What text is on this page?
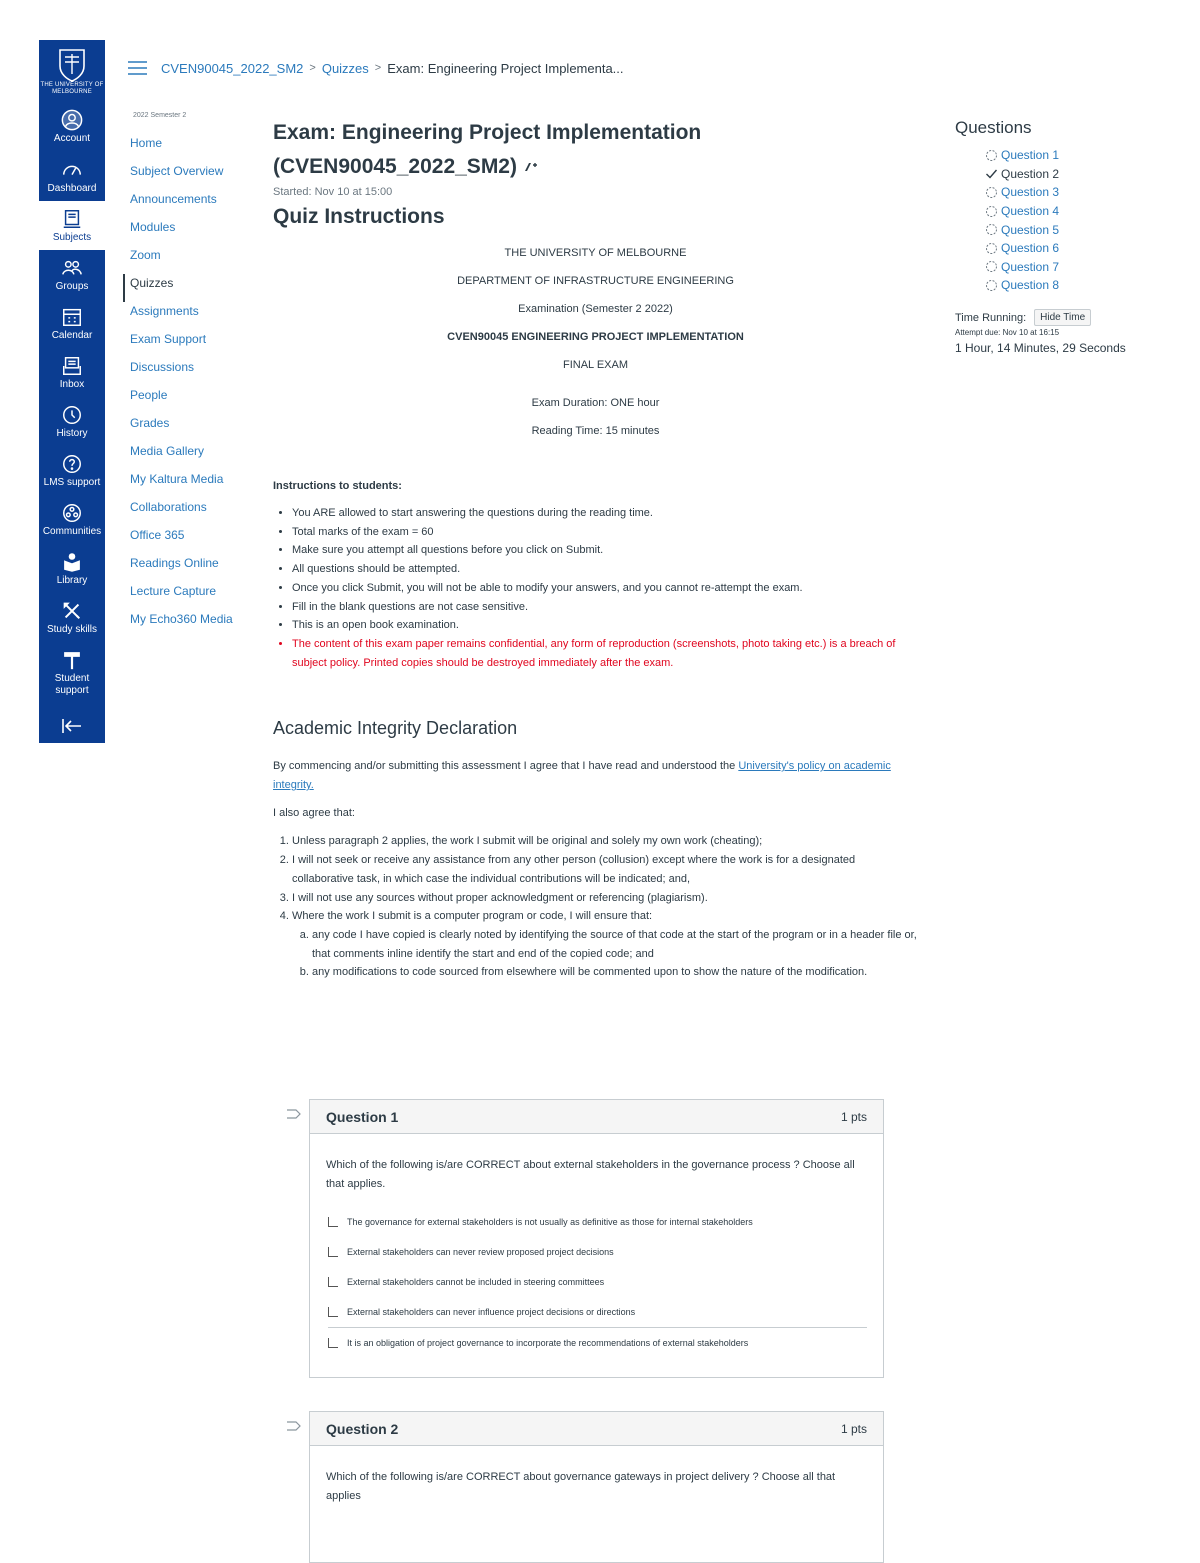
THE UNIVERSITY OF
MELBOURNE
Account
Dashboard
Subjects
Groups
Calendar
Inbox
History
LMS support
Communities
Library
Study skills
Student support
CVEN90045_2022_SM2 > Quizzes > Exam: Engineering Project Implementa...
2022 Semester 2
Home
Subject Overview
Announcements
Modules
Zoom
Quizzes
Assignments
Exam Support
Discussions
People
Grades
Media Gallery
My Kaltura Media
Collaborations
Office 365
Readings Online
Lecture Capture
My Echo360 Media
Exam: Engineering Project Implementation
(CVEN90045_2022_SM2)
Started: Nov 10 at 15:00
Quiz Instructions
THE UNIVERSITY OF MELBOURNE
DEPARTMENT OF INFRASTRUCTURE ENGINEERING
Examination (Semester 2 2022)
CVEN90045 ENGINEERING PROJECT IMPLEMENTATION
FINAL EXAM
Exam Duration: ONE hour
Reading Time: 15 minutes
Instructions to students:
• You ARE allowed to start answering the questions during the reading time.
• Total marks of the exam = 60
• Make sure you attempt all questions before you click on Submit.
• All questions should be attempted.
• Once you click Submit, you will not be able to modify your answers, and you cannot re-attempt the exam.
• Fill in the blank questions are not case sensitive.
• This is an open book examination.
• The content of this exam paper remains confidential, any form of reproduction (screenshots, photo taking etc.) is a breach of subject policy. Printed copies should be destroyed immediately after the exam.
Academic Integrity Declaration
By commencing and/or submitting this assessment I agree that I have read and understood the University's policy on academic integrity.
I also agree that:
1. Unless paragraph 2 applies, the work I submit will be original and solely my own work (cheating);
2. I will not seek or receive any assistance from any other person (collusion) except where the work is for a designated collaborative task, in which case the individual contributions will be indicated; and,
3. I will not use any sources without proper acknowledgment or referencing (plagiarism).
4. Where the work I submit is a computer program or code, I will ensure that:
a. any code I have copied is clearly noted by identifying the source of that code at the start of the program or in a header file or, that comments inline identify the start and end of the copied code; and
b. any modifications to code sourced from elsewhere will be commented upon to show the nature of the modification.
Question 1	1 pts
Which of the following is/are CORRECT about external stakeholders in the governance process ? Choose all that applies.
The governance for external stakeholders is not usually as definitive as those for internal stakeholders
External stakeholders can never review proposed project decisions
External stakeholders cannot be included in steering committees
External stakeholders can never influence project decisions or directions
It is an obligation of project governance to incorporate the recommendations of external stakeholders
Question 2	1 pts
Which of the following is/are CORRECT about governance gateways in project delivery ? Choose all that applies
Questions
Question 1
Question 2
Question 3
Question 4
Question 5
Question 6
Question 7
Question 8
Time Running:	Hide Time
Attempt due: Nov 10 at 16:15
1 Hour, 14 Minutes, 29 Seconds
